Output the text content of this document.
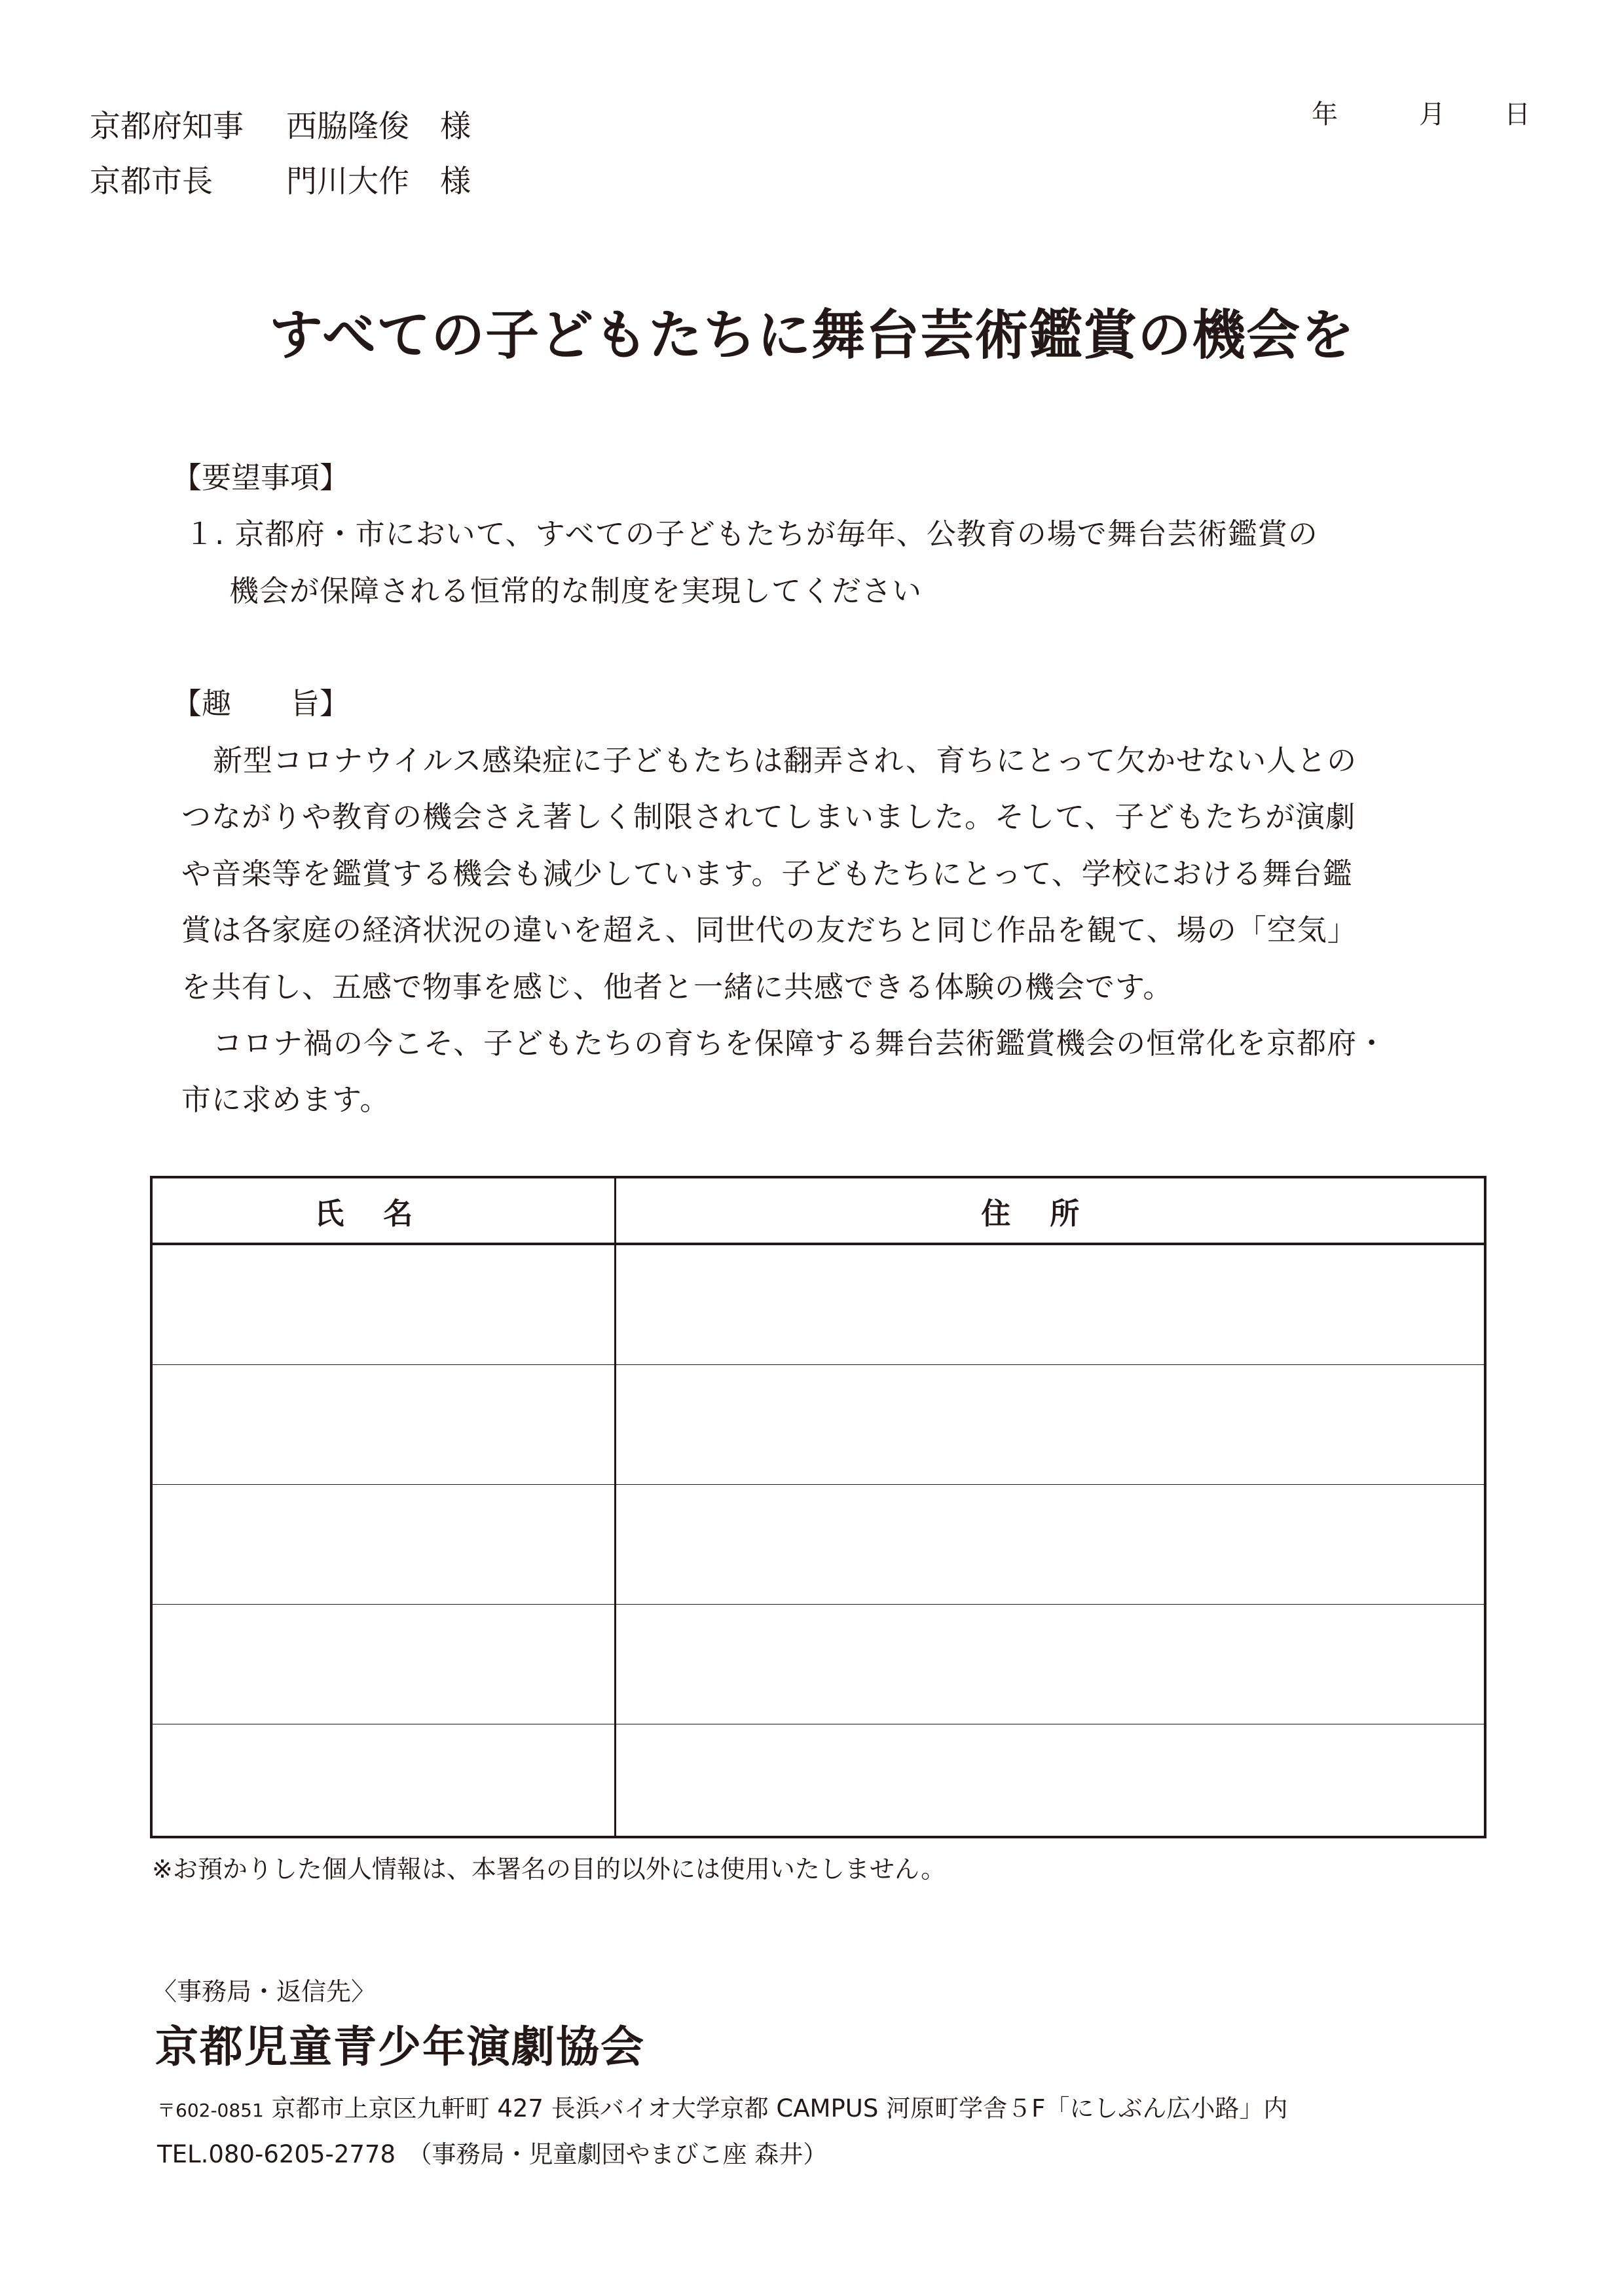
京都府知事 西脇隆俊　様
京都市長 門川大作　様
年	月 日
すべての子どもたちに舞台芸術鑑賞の機会を
【要望事項】
１. 京都府・市において、すべての子どもたちが毎年、公教育の場で舞台芸術鑑賞の
機会が保障される恒常的な制度を実現してください
【趣　　旨】
新型コロナウイルス感染症に子どもたちは翻弄され、育ちにとって欠かせない人との
つながりや教育の機会さえ著しく制限されてしまいました。そして、子どもたちが演劇
や音楽等を鑑賞する機会も減少しています。子どもたちにとって、学校における舞台鑑
賞は各家庭の経済状況の違いを超え、同世代の友だちと同じ作品を観て、場の「空気」
を共有し、五感で物事を感じ、他者と一緒に共感できる体験の機会です。
コロナ禍の今こそ、子どもたちの育ちを保障する舞台芸術鑑賞機会の恒常化を京都府・
市に求めます。
氏名	住所

※お預かりした個人情報は、本署名の目的以外には使用いたしません。
〈事務局・返信先〉
京都児童青少年演劇協会
〒602-0851 京都市上京区九軒町 427 長浜バイオ大学京都 CAMPUS 河原町学舎５F「にしぶん広小路」内
TEL.080-6205-2778　（事務局・児童劇団やまびこ座 森井）
